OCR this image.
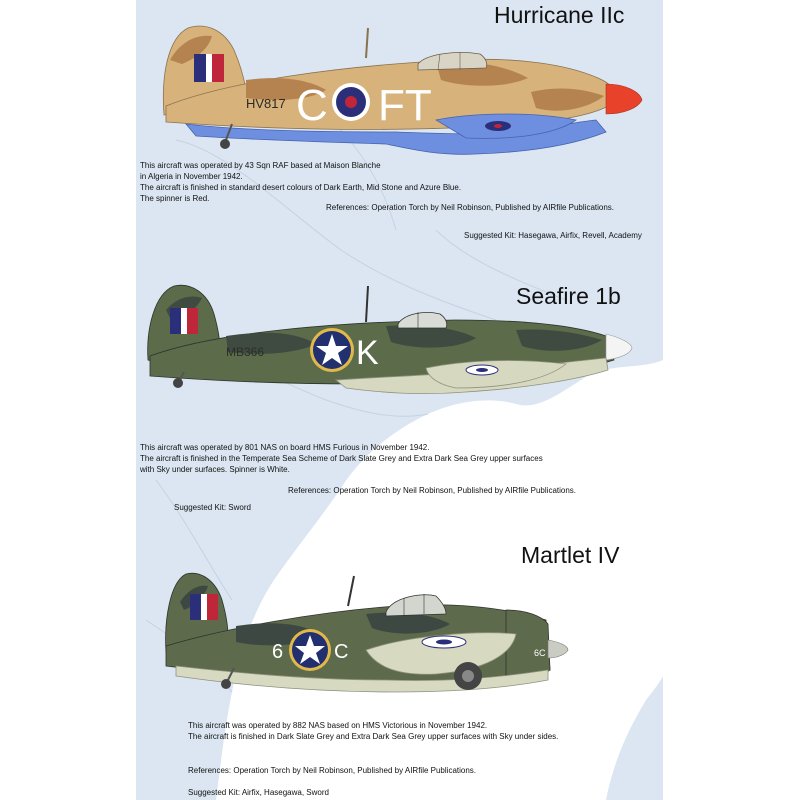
Hurricane IIc
HV817 C FT
This aircraft was operated by 43 Sqn RAF based at Maison Blanche
in Algeria in November 1942.
The aircraft is finished in standard desert colours of Dark Earth, Mid Stone and Azure Blue.
The spinner is Red.
References: Operation Torch by Neil Robinson, Published by AIRfile Publications.
Suggested Kit: Hasegawa, Airfix, Revell, Academy
Seafire 1b
MB366	K
This aircraft was operated by 801 NAS on board HMS Furious in November 1942.
The aircraft is finished in the Temperate Sea Scheme of Dark Slate Grey and Extra Dark Sea Grey upper surfaces
with Sky under surfaces. Spinner is White.
References: Operation Torch by Neil Robinson, Published by AIRfile Publications.
Suggested Kit: Sword
Martlet IV
6	C	6C
This aircraft was operated by 882 NAS based on HMS Victorious in November 1942.
The aircraft is finished in Dark Slate Grey and Extra Dark Sea Grey upper surfaces with Sky under sides.
References: Operation Torch by Neil Robinson, Published by AIRfile Publications.
Suggested Kit: Airfix, Hasegawa, Sword
